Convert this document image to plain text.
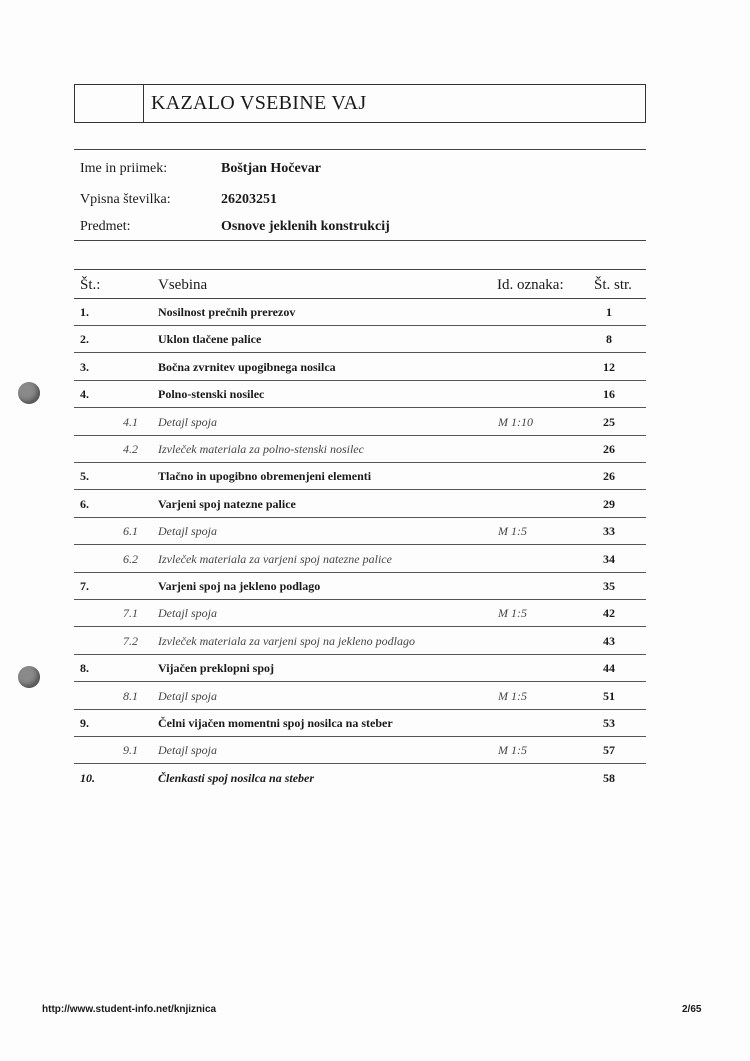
KAZALO VSEBINE VAJ
Ime in priimek:	Boštjan Hočevar
Vpisna številka:	26203251
Predmet:	Osnove jeklenih konstrukcij
Št.:	Vsebina	Id. oznaka: Št. str.
1.	Nosilnost prečnih prerezov	1
2.	Uklon tlačene palice	8
3.	Bočna zvrnitev upogibnega nosilca	12
4.	Polno-stenski nosilec	16
4.1 Detajl spoja	M 1:10	25
4.2 Izvleček materiala za polno-stenski nosilec	26
5.	Tlačno in upogibno obremenjeni elementi	26
6.	Varjeni spoj natezne palice	29
6.1 Detajl spoja	M 1:5	33
6.2 Izvleček materiala za varjeni spoj natezne palice	34
7.	Varjeni spoj na jekleno podlago	35
7.1 Detajl spoja	M 1:5	42
7.2 Izvleček materiala za varjeni spoj na jekleno podlago	43
8.	Vijačen preklopni spoj	44
8.1 Detajl spoja	M 1:5	51
9.	Čelni vijačen momentni spoj nosilca na steber	53
9.1 Detajl spoja	M 1:5	57
10.	Členkasti spoj nosilca na steber	58
http://www.student-info.net/knjiznica	2/65
